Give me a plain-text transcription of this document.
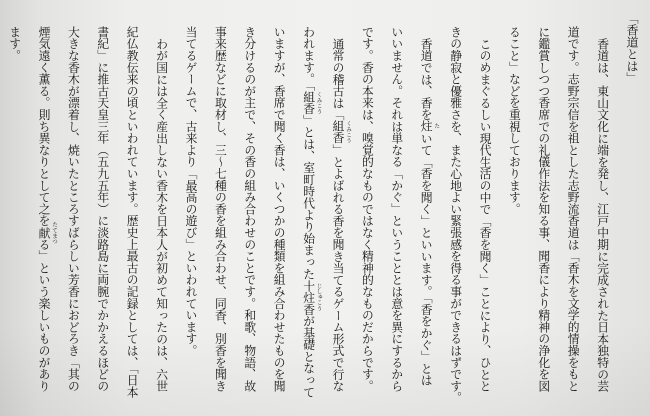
「香道とは」
香道は、東山文化に端を発し、江戸中期に完成された日本独特の芸
道です。志野宗信を祖とした志野流香道は「香木を文学的情操をもと
に鑑賞しつつ香席での礼儀作法を知る事、聞香により精神の浄化を図
ること」などを重視しております。
このめまぐるしい現代生活の中で「香を聞く」ことにより、ひとと
きの静寂と優雅さを、また心地よい緊張感を得る事ができるはずです。
香道では、香を炷 た
いて「香を聞く」といいます。「香をかぐ」とは
いいません。それは単なる「かぐ」ということとは意を異にするから
です。香の本来は、嗅覚的なものではなく精神的なものだからです。
通常の稽古は「組香 くみこう
」とよばれる香を聞き当てるゲーム形式で行な
われます。「組香 くみこう
」とは、室町時代より始まった十炷香 じしゅこう
が基礎となって
いますが、香席で聞く香は、いくつかの種類を組み合わせたものを聞
き分けるのが主で、その香の組み合わせのことです。和歌、物語、故
事来歴などに取材し、三～七種の香を組み合わせ、同香、別香を聞き
当てるゲームで、古来より「最高の遊び」といわれています。
わが国には全く産出しない香木を日本人が初めて知ったのは、六世
紀仏教伝来の頃といわれています。歴史上最古の記録としては、「日本
書紀」に推古天皇三年（五九五年）に淡路島に両腕でかかえるほどの
大きな香木が漂着し、焼いたところすばらしい芳香におどろき「其の
煙気遠く薫る。則ち異なりとして之を献 たてまつ
る」という楽しいものがあり
ます。
